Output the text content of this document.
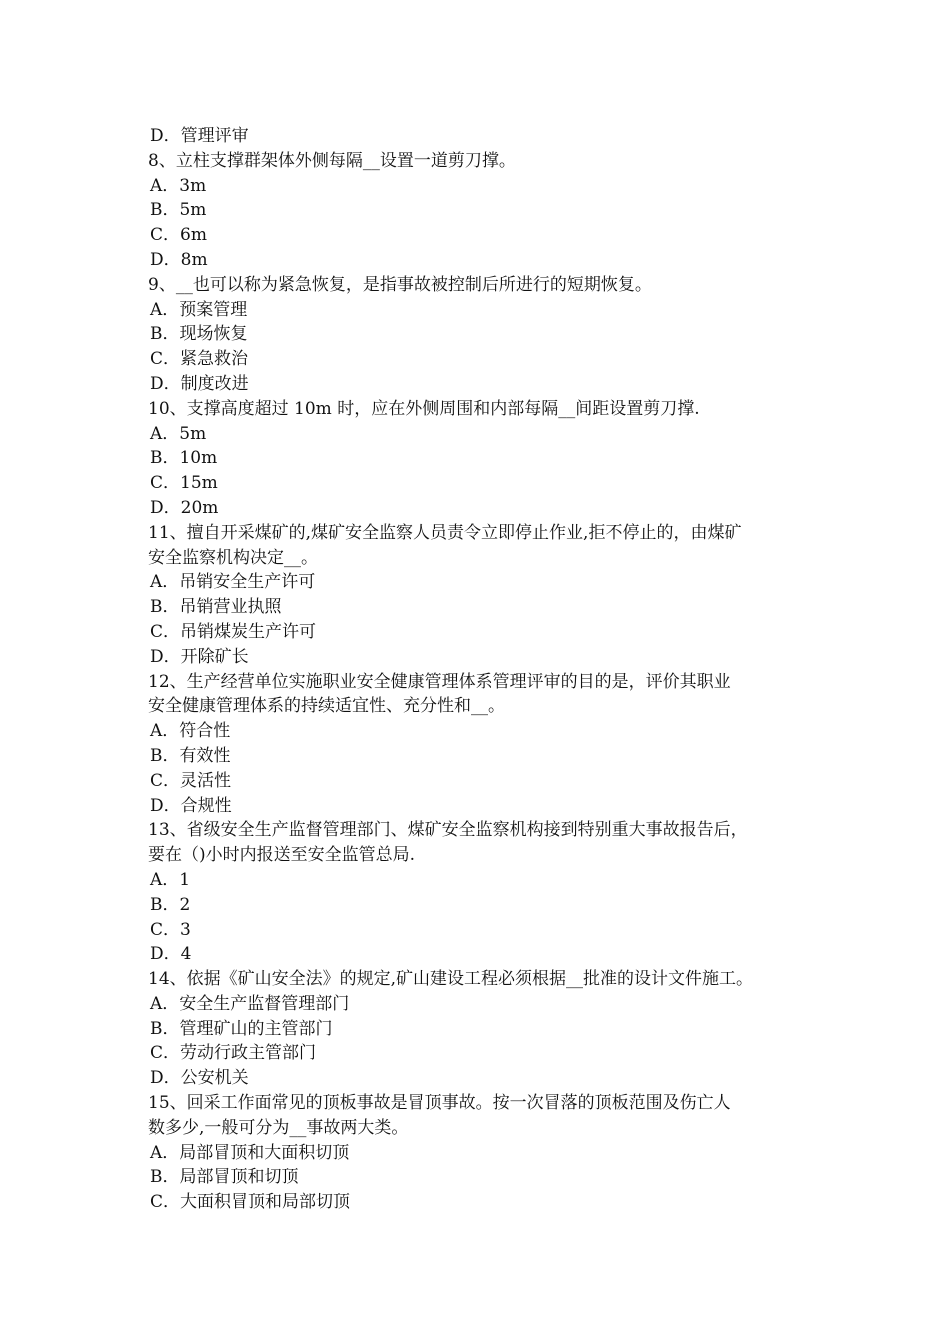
D．管理评审
8、立柱支撑群架体外侧每隔__设置一道剪刀撑。
A．3m
B．5m
C．6m
D．8m
9、__也可以称为紧急恢复，是指事故被控制后所进行的短期恢复。
A．预案管理
B．现场恢复
C．紧急救治
D．制度改进
10、支撑高度超过 10m 时，应在外侧周围和内部每隔__间距设置剪刀撑.
A．5m
B．10m
C．15m
D．20m
11、擅自开采煤矿的,煤矿安全监察人员责令立即停止作业,拒不停止的，由煤矿
安全监察机构决定__。
A．吊销安全生产许可
B．吊销营业执照
C．吊销煤炭生产许可
D．开除矿长
12、生产经营单位实施职业安全健康管理体系管理评审的目的是，评价其职业
安全健康管理体系的持续适宜性、充分性和__。
A．符合性
B．有效性
C．灵活性
D．合规性
13、省级安全生产监督管理部门、煤矿安全监察机构接到特别重大事故报告后，
要在（)小时内报送至安全监管总局.
A．1
B．2
C．3
D．4
14、依据《矿山安全法》的规定,矿山建设工程必须根据__批准的设计文件施工。
A．安全生产监督管理部门
B．管理矿山的主管部门
C．劳动行政主管部门
D．公安机关
15、回采工作面常见的顶板事故是冒顶事故。按一次冒落的顶板范围及伤亡人
数多少,一般可分为__事故两大类。
A．局部冒顶和大面积切顶
B．局部冒顶和切顶
C．大面积冒顶和局部切顶
